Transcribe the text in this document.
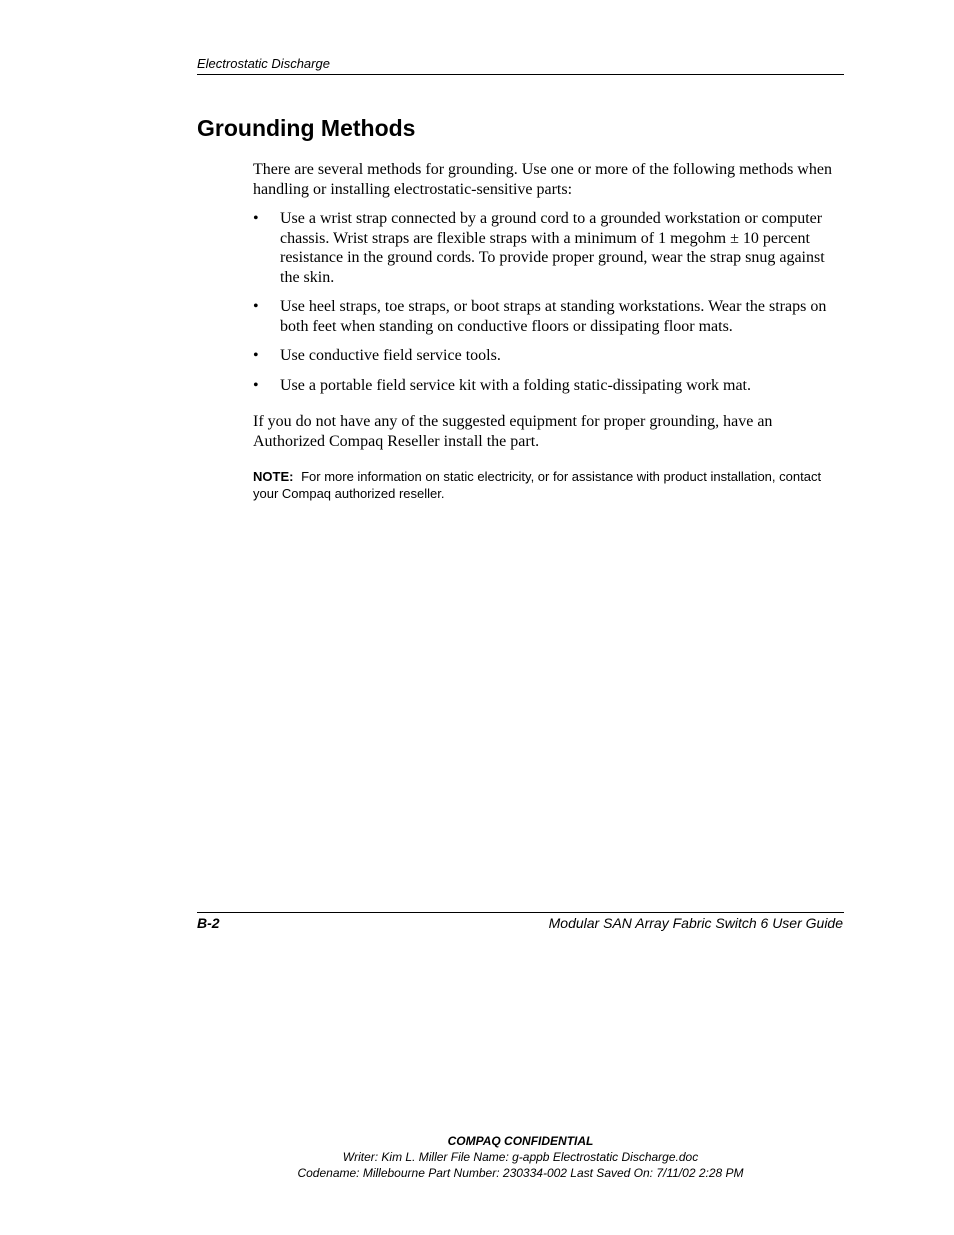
Electrostatic Discharge
Grounding Methods

There are several methods for grounding. Use one or more of the following methods when handling or installing electrostatic-sensitive parts:

• Use a wrist strap connected by a ground cord to a grounded workstation or computer chassis. Wrist straps are flexible straps with a minimum of 1 megohm ± 10 percent resistance in the ground cords. To provide proper ground, wear the strap snug against the skin.
• Use heel straps, toe straps, or boot straps at standing workstations. Wear the straps on both feet when standing on conductive floors or dissipating floor mats.
• Use conductive field service tools.
• Use a portable field service kit with a folding static-dissipating work mat.

If you do not have any of the suggested equipment for proper grounding, have an Authorized Compaq Reseller install the part.

NOTE: For more information on static electricity, or for assistance with product installation, contact your Compaq authorized reseller.

B-2	Modular SAN Array Fabric Switch 6 User Guide
COMPAQ CONFIDENTIAL
Writer: Kim L. Miller File Name: g-appb Electrostatic Discharge.doc
Codename: Millebourne Part Number: 230334-002 Last Saved On: 7/11/02 2:28 PM
